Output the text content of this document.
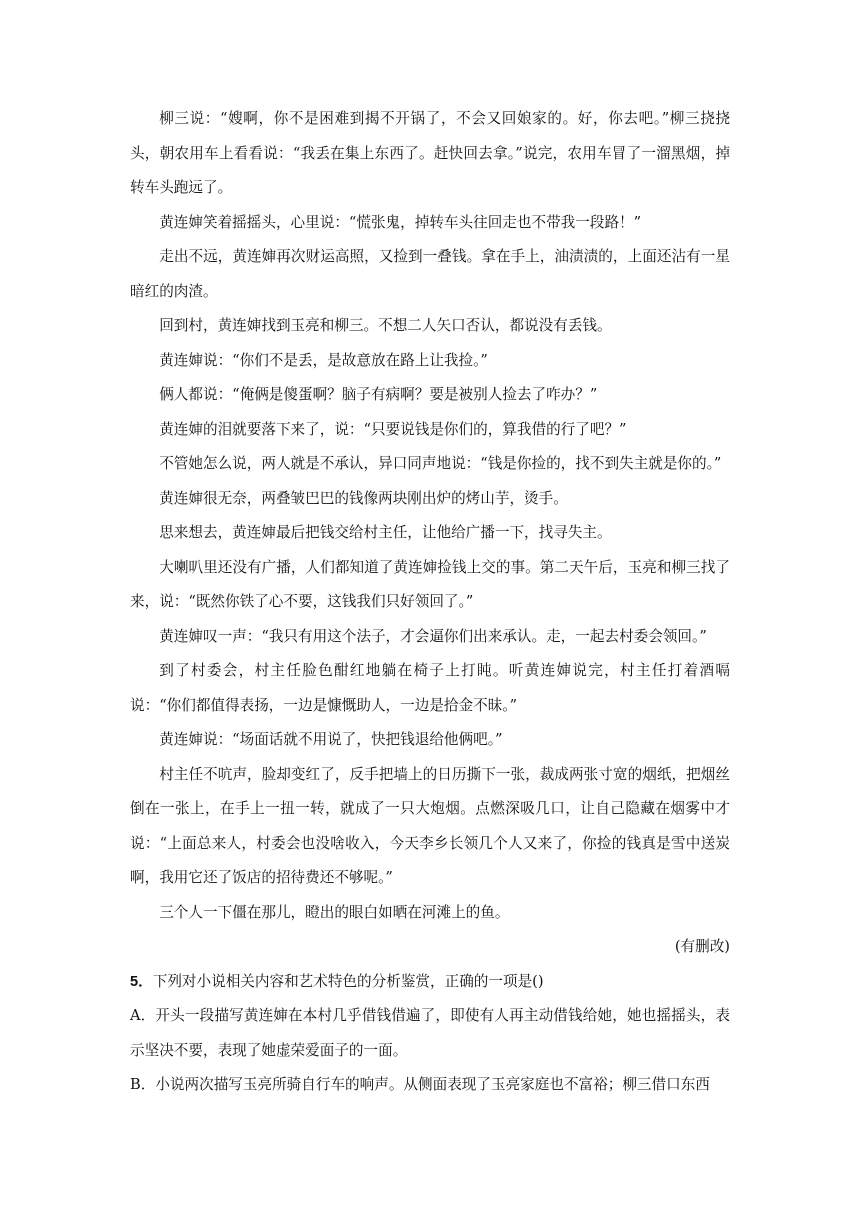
柳三说：“嫂啊，你不是困难到揭不开锅了，不会又回娘家的。好，你去吧。”柳三挠挠头，朝农用车上看看说：“我丢在集上东西了。赶快回去拿。”说完，农用车冒了一溜黑烟，掉转车头跑远了。

黄连婶笑着摇摇头，心里说：“慌张鬼，掉转车头往回走也不带我一段路！”

走出不远，黄连婶再次财运高照，又捡到一叠钱。拿在手上，油渍渍的，上面还沾有一星暗红的肉渣。

回到村，黄连婶找到玉亮和柳三。不想二人矢口否认，都说没有丢钱。

黄连婶说：“你们不是丢，是故意放在路上让我捡。”

俩人都说：“俺俩是傻蛋啊？脑子有病啊？要是被别人捡去了咋办？”

黄连婶的泪就要落下来了，说：“只要说钱是你们的，算我借的行了吧？”

不管她怎么说，两人就是不承认，异口同声地说：“钱是你捡的，找不到失主就是你的。”

黄连婶很无奈，两叠皱巴巴的钱像两块刚出炉的烤山芋，烫手。

思来想去，黄连婶最后把钱交给村主任，让他给广播一下，找寻失主。

大喇叭里还没有广播，人们都知道了黄连婶捡钱上交的事。第二天午后，玉亮和柳三找了来，说：“既然你铁了心不要，这钱我们只好领回了。”

黄连婶叹一声：“我只有用这个法子，才会逼你们出来承认。走，一起去村委会领回。”

到了村委会，村主任脸色酣红地躺在椅子上打盹。听黄连婶说完，村主任打着酒嗝说：“你们都值得表扬，一边是慷慨助人，一边是拾金不昧。”

黄连婶说：“场面话就不用说了，快把钱退给他俩吧。”

村主任不吭声，脸却变红了，反手把墙上的日历撕下一张，裁成两张寸宽的烟纸，把烟丝倒在一张上，在手上一扭一转，就成了一只大炮烟。点燃深吸几口，让自己隐藏在烟雾中才说：“上面总来人，村委会也没啥收入，今天李乡长领几个人又来了，你捡的钱真是雪中送炭啊，我用它还了饭店的招待费还不够呢。”

三个人一下僵在那儿，瞪出的眼白如晒在河滩上的鱼。

(有删改)

5．下列对小说相关内容和艺术特色的分析鉴赏，正确的一项是()

A．开头一段描写黄连婶在本村几乎借钱借遍了，即使有人再主动借钱给她，她也摇摇头，表示坚决不要，表现了她虚荣爱面子的一面。

B．小说两次描写玉亮所骑自行车的响声。从侧面表现了玉亮家庭也不富裕；柳三借口东西
